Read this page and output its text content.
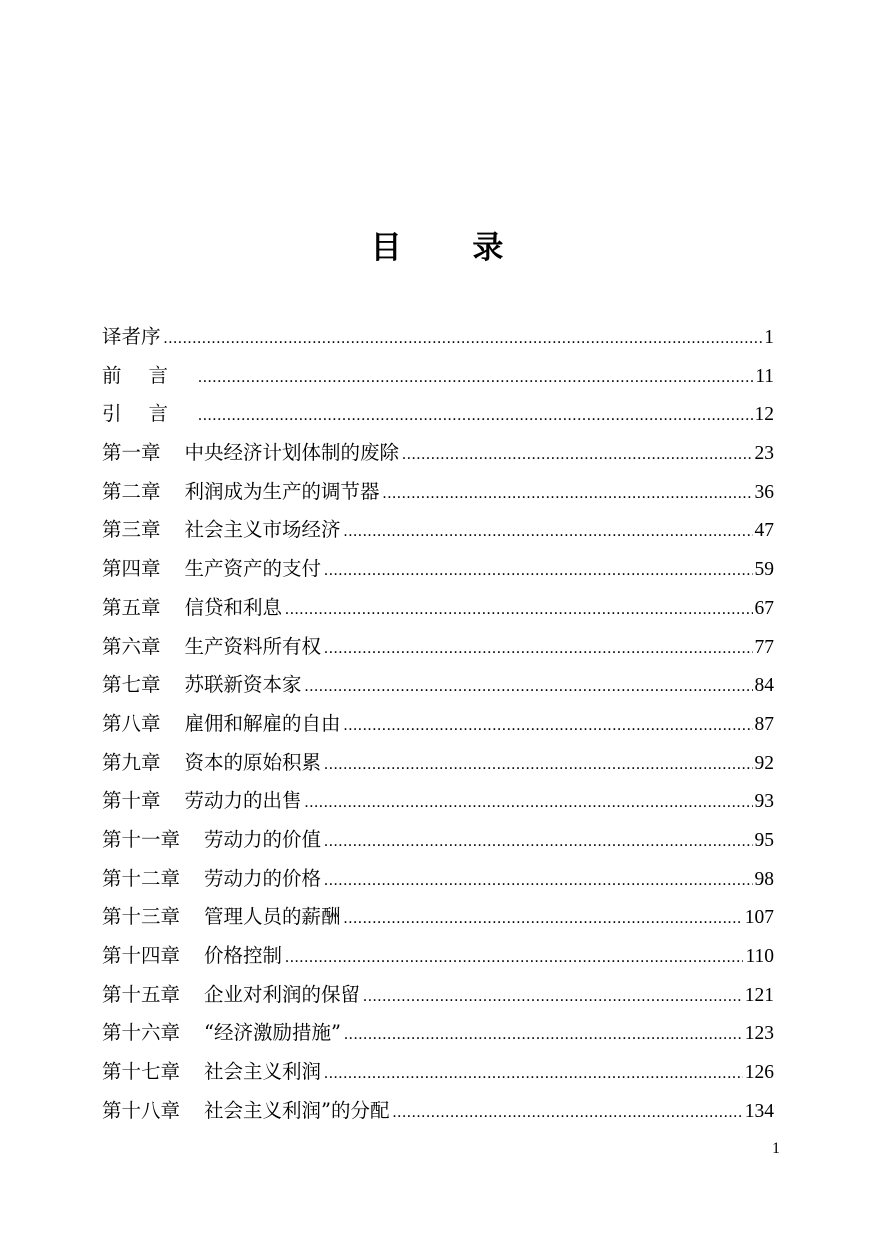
目 录
译者序 .....	1
前言 .....	11
引言 .....	12
第一章 中央经济计划体制的废除 .....	23
第二章 利润成为生产的调节器 .....	36
第三章 社会主义市场经济 .....	47
第四章 生产资产的支付 .....	59
第五章 信贷和利息 .....	67
第六章 生产资料所有权 .....	77
第七章 苏联新资本家 .....	84
第八章 雇佣和解雇的自由 .....	87
第九章 资本的原始积累 .....	92
第十章 劳动力的出售 .....	93
第十一章 劳动力的价值 .....	95
第十二章 劳动力的价格 .....	98
第十三章 管理人员的薪酬 .....	107
第十四章 价格控制 .....	110
第十五章 企业对利润的保留 .....	121
第十六章 “经济激励措施” .....	123
第十七章 社会主义利润 .....	126
第十八章 社会主义利润”的分配 .....	134
1
